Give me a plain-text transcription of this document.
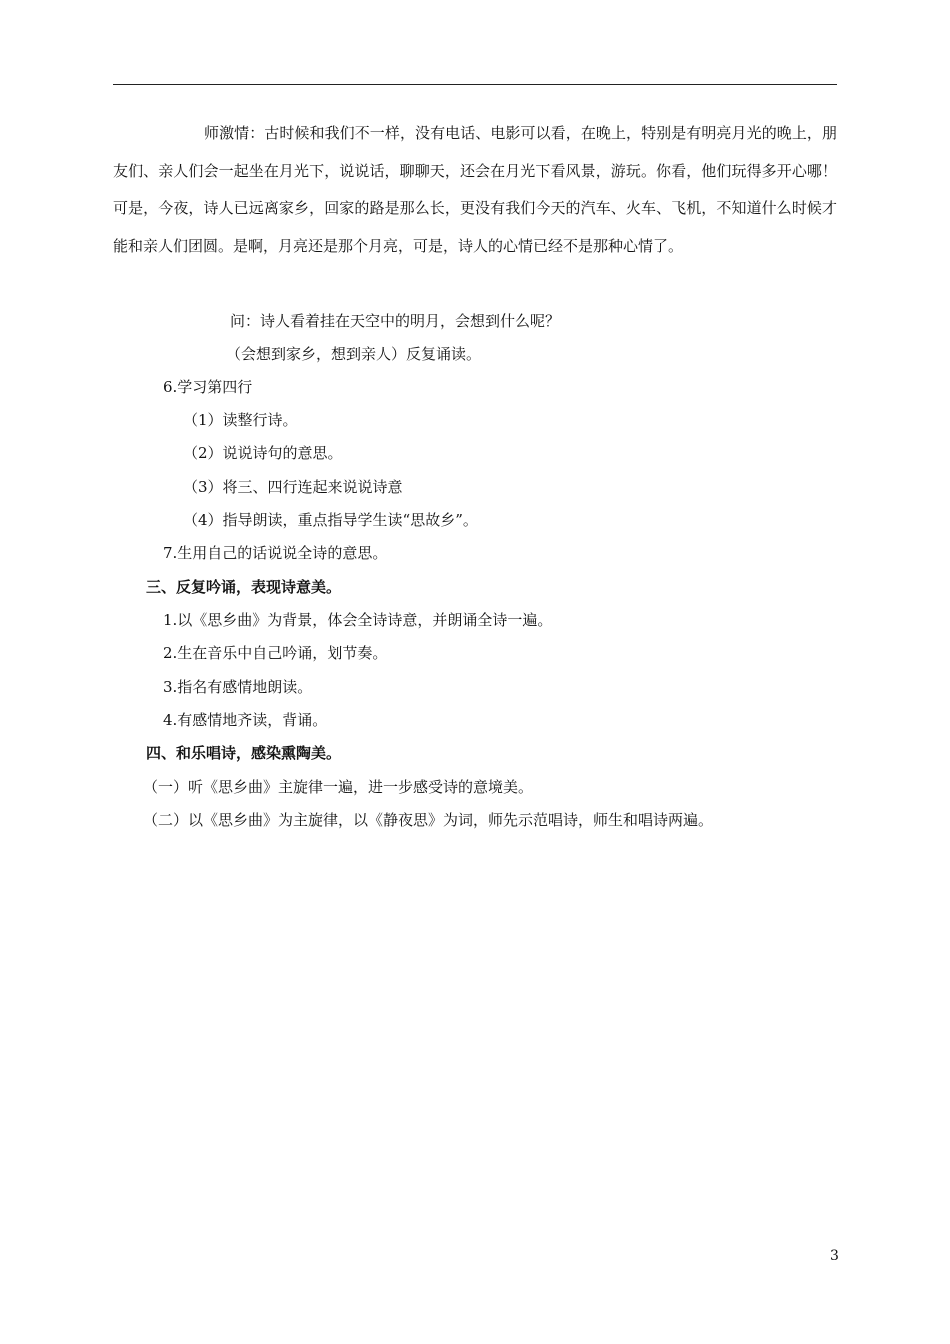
师激情：古时候和我们不一样，没有电话、电影可以看，在晚上，特别是有明亮月光的晚上，朋友们、亲人们会一起坐在月光下，说说话，聊聊天，还会在月光下看风景，游玩。你看，他们玩得多开心哪！可是，今夜，诗人已远离家乡，回家的路是那么长，更没有我们今天的汽车、火车、飞机，不知道什么时候才能和亲人们团圆。是啊，月亮还是那个月亮，可是，诗人的心情已经不是那种心情了。
问：诗人看着挂在天空中的明月，会想到什么呢？
（会想到家乡，想到亲人）反复诵读。
6.学习第四行
（1）读整行诗。
（2）说说诗句的意思。
（3）将三、四行连起来说说诗意
（4）指导朗读，重点指导学生读“思故乡”。
7.生用自己的话说说全诗的意思。
三、反复吟诵，表现诗意美。
1.以《思乡曲》为背景，体会全诗诗意，并朗诵全诗一遍。
2.生在音乐中自己吟诵，划节奏。
3.指名有感情地朗读。
4.有感情地齐读，背诵。
四、和乐唱诗，感染熏陶美。
（一）听《思乡曲》主旋律一遍，进一步感受诗的意境美。
（二）以《思乡曲》为主旋律，以《静夜思》为词，师先示范唱诗，师生和唱诗两遍。
3
